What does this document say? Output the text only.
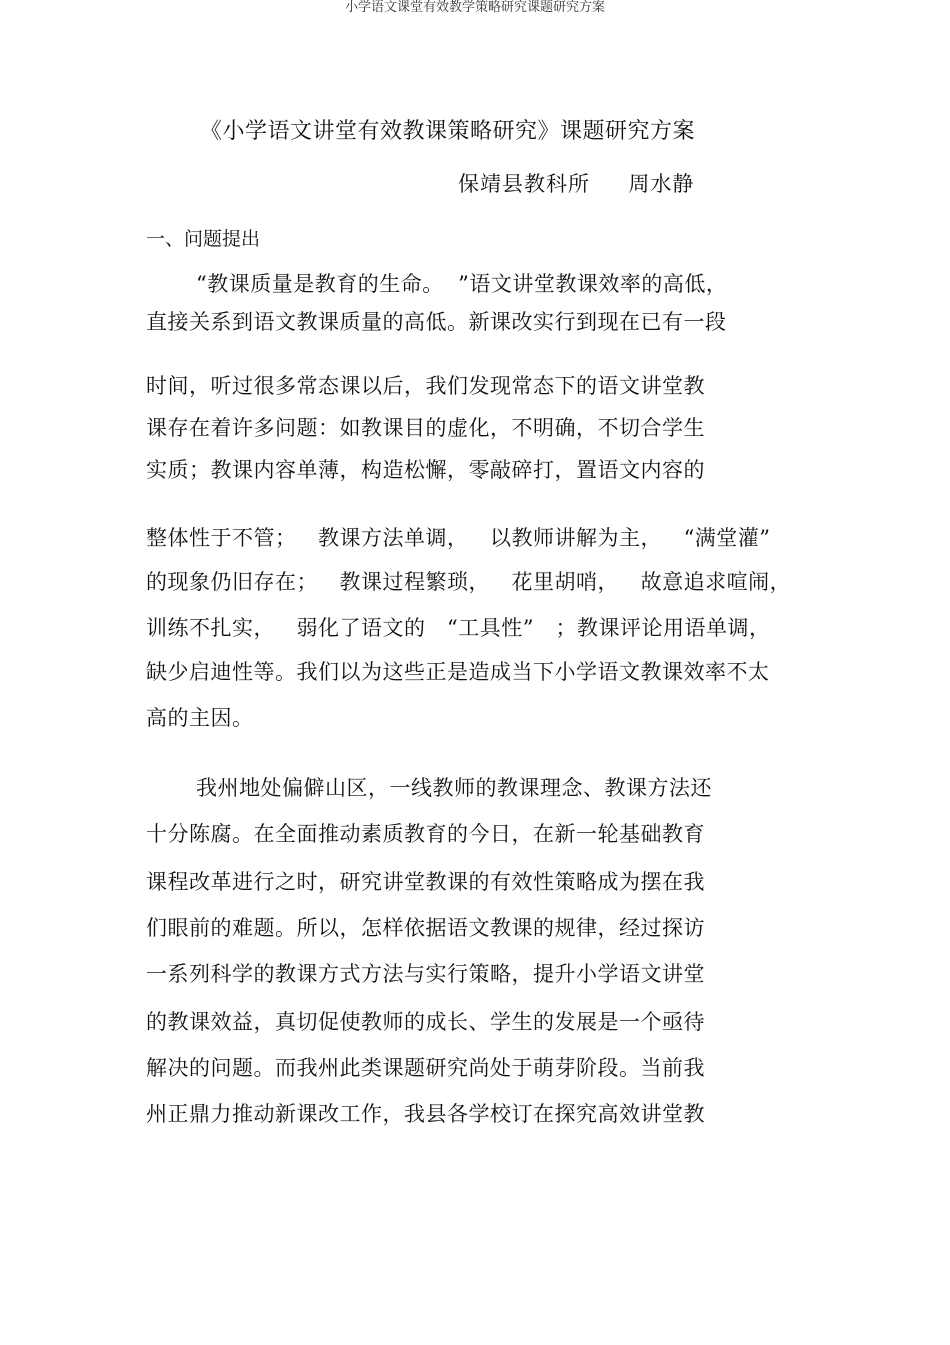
小学语文课堂有效教学策略研究课题研究方案
《小学语文讲堂有效教课策略研究》课题研究方案
保靖县教科所     周水静
一、问题提出
“教课质量是教育的生命。  ”语文讲堂教课效率的高低，
直接关系到语文教课质量的高低。新课改实行到现在已有一段
时间，听过很多常态课以后，我们发现常态下的语文讲堂教
课存在着许多问题：如教课目的虚化，不明确，不切合学生
实质；教课内容单薄，构造松懈，零敲碎打，置语文内容的
整体性于不管；   教课方法单调，   以教师讲解为主，   “满堂灌”
的现象仍旧存在；   教课过程繁琐，   花里胡哨，   故意追求喧闹，
训练不扎实，   弱化了语文的   “工具性”   ；教课评论用语单调，
缺少启迪性等。我们以为这些正是造成当下小学语文教课效率不太
高的主因。
我州地处偏僻山区，一线教师的教课理念、教课方法还
十分陈腐。在全面推动素质教育的今日，在新一轮基础教育
课程改革进行之时，研究讲堂教课的有效性策略成为摆在我
们眼前的难题。所以，怎样依据语文教课的规律，经过探访
一系列科学的教课方式方法与实行策略，提升小学语文讲堂
的教课效益，真切促使教师的成长、学生的发展是一个亟待
解决的问题。而我州此类课题研究尚处于萌芽阶段。当前我
州正鼎力推动新课改工作，我县各学校订在探究高效讲堂教
